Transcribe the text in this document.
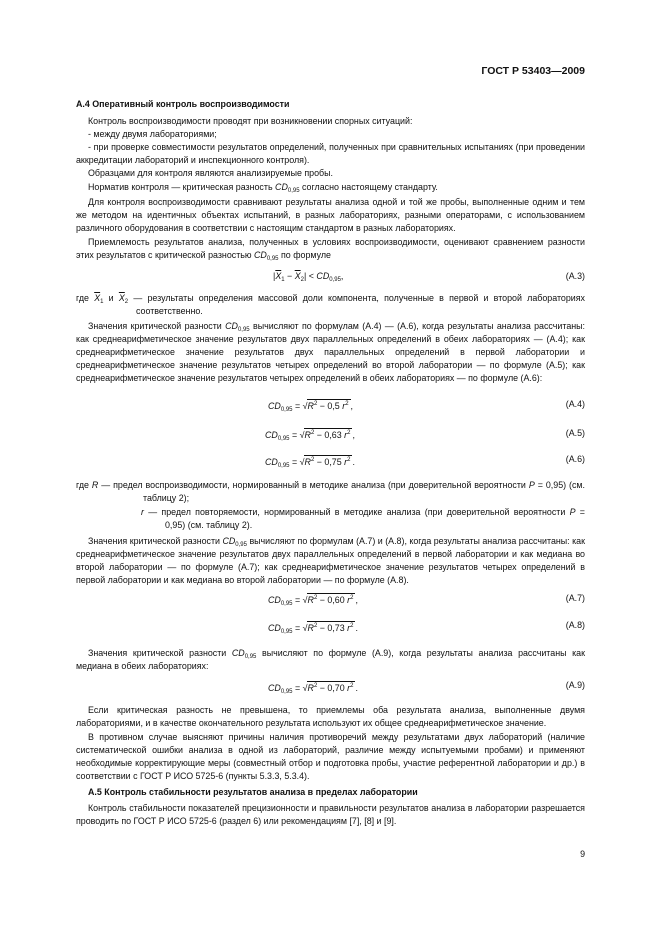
ГОСТ Р 53403—2009
А.4 Оперативный контроль воспроизводимости
Контроль воспроизводимости проводят при возникновении спорных ситуаций:
- между двумя лабораториями;
- при проверке совместимости результатов определений, полученных при сравнительных испытаниях (при проведении аккредитации лабораторий и инспекционного контроля).
Образцами для контроля являются анализируемые пробы.
Норматив контроля — критическая разность $CD_{0,95}$ согласно настоящему стандарту.
Для контроля воспроизводимости сравнивают результаты анализа одной и той же пробы, выполненные одним и тем же методом на идентичных объектах испытаний, в разных лабораториях, разными операторами, с использованием различного оборудования в соответствии с настоящим стандартом в разных лабораториях.
Приемлемость результатов анализа, полученных в условиях воспроизводимости, оценивают сравнением разности этих результатов с критической разностью $CD_{0,95}$ по формуле
$|\overline{X}_1 - \overline{X}_2| < CD_{0,95}$,	(А.3)
где $\overline{X}_1$ и $\overline{X}_2$ — результаты определения массовой доли компонента, полученные в первой и второй лабораториях соответственно.
Значения критической разности $CD_{0,95}$ вычисляют по формулам (А.4) — (А.6), когда результаты анализа рассчитаны: как среднеарифметическое значение результатов двух параллельных определений в обеих лабораториях — (А.4); как среднеарифметическое значение результатов двух параллельных определений в первой лаборатории и среднеарифметическое значение результатов четырех определений во второй лаборатории — по формуле (А.5); как среднеарифметическое значение результатов четырех определений в обеих лабораториях — по формуле (А.6):
$CD_{0,95} = √R^2 - 0,5$ $r^2$ ,	(А.4)
$CD_{0,95} = √R^2 - 0,63$ $r^2$ ,	(А.5)
$CD_{0,95} = √R^2 - 0,75$ $r^2$ .	(А.6)
где R — предел воспроизводимости, нормированный в методике анализа (при доверительной вероятности P = 0,95) (см. таблицу 2);
r — предел повторяемости, нормированный в методике анализа (при доверительной вероятности P = 0,95) (см. таблицу 2).
Значения критической разности $CD_{0,95}$ вычисляют по формулам (А.7) и (А.8), когда результаты анализа рассчитаны: как среднеарифметическое значение результатов двух параллельных определений в первой лаборатории и как медиана во второй лаборатории — по формуле (А.7); как среднеарифметическое значение результатов четырех определений в первой лаборатории и как медиана во второй лаборатории — по формуле (А.8).
$CD_{0,95} = √R^2 - 0,60$ $r^2$ ,	(А.7)
$CD_{0,95} = √R^2 - 0,73$ $r^2$ .	(А.8)
Значения критической разности $CD_{0,95}$ вычисляют по формуле (А.9), когда результаты анализа рассчитаны как медиана в обеих лабораториях:
$CD_{0,95} = √R^2 - 0,70$ $r^2$ .	(А.9)
Если критическая разность не превышена, то приемлемы оба результата анализа, выполненные двумя лабораториями, и в качестве окончательного результата используют их общее среднеарифметическое значение.
В противном случае выясняют причины наличия противоречий между результатами двух лабораторий (наличие систематической ошибки анализа в одной из лабораторий, различие между испытуемыми пробами) и применяют необходимые корректирующие меры (совместный отбор и подготовка пробы, участие референтной лаборатории и др.) в соответствии с ГОСТ Р ИСО 5725-6 (пункты 5.3.3, 5.3.4).
А.5 Контроль стабильности результатов анализа в пределах лаборатории
Контроль стабильности показателей прецизионности и правильности результатов анализа в лаборатории разрешается проводить по ГОСТ Р ИСО 5725-6 (раздел 6) или рекомендациям [7], [8] и [9].
9
